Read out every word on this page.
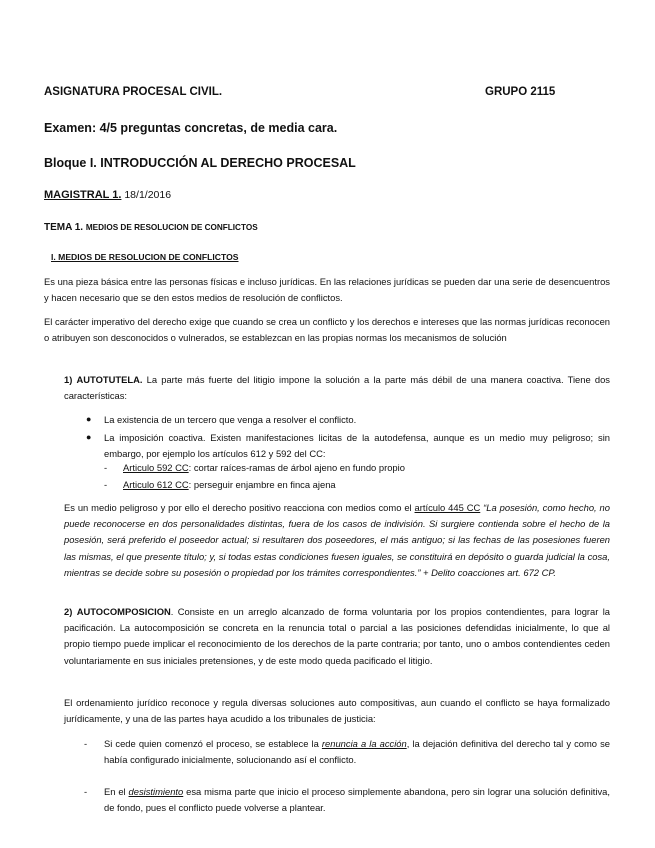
ASIGNATURA PROCESAL CIVIL.	GRUPO 2115
Examen: 4/5 preguntas concretas, de media cara.
Bloque I. INTRODUCCIÓN AL DERECHO PROCESAL
MAGISTRAL 1. 18/1/2016
TEMA 1. MEDIOS DE RESOLUCION DE CONFLICTOS
I. MEDIOS DE RESOLUCION DE CONFLICTOS

Es una pieza básica entre las personas físicas e incluso jurídicas. En las relaciones jurídicas se pueden dar una serie de desencuentros y hacen necesario que se den estos medios de resolución de conflictos.

El carácter imperativo del derecho exige que cuando se crea un conflicto y los derechos e intereses que las normas jurídicas reconocen o atribuyen son desconocidos o vulnerados, se establezcan en las propias normas los mecanismos de solución

1) AUTOTUTELA. La parte más fuerte del litigio impone la solución a la parte más débil de una manera coactiva. Tiene dos características:

● La existencia de un tercero que venga a resolver el conflicto.

● La imposición coactiva. Existen manifestaciones licitas de la autodefensa, aunque es un medio muy peligroso; sin embargo, por ejemplo los artículos 612 y 592 del CC:

- Articulo 592 CC: cortar raíces-ramas de árbol ajeno en fundo propio

- Articulo 612 CC: perseguir enjambre en finca ajena

Es un medio peligroso y por ello el derecho positivo reacciona con medios como el artículo 445 CC “La posesión, como hecho, no puede reconocerse en dos personalidades distintas, fuera de los casos de indivisión. Si surgiere contienda sobre el hecho de la posesión, será preferido el poseedor actual; si resultaren dos poseedores, el más antiguo; si las fechas de las posesiones fueren las mismas, el que presente título; y, si todas estas condiciones fuesen iguales, se constituirá en depósito o guarda judicial la cosa, mientras se decide sobre su posesión o propiedad por los trámites correspondientes.” + Delito coacciones art. 672 CP.

2) AUTOCOMPOSICION. Consiste en un arreglo alcanzado de forma voluntaria por los propios contendientes, para lograr la pacificación. La autocomposición se concreta en la renuncia total o parcial a las posiciones defendidas inicialmente, lo que al propio tiempo puede implicar el reconocimiento de los derechos de la parte contraria; por tanto, uno o ambos contendientes ceden voluntariamente en sus iniciales pretensiones, y de este modo queda pacificado el litigio.

El ordenamiento jurídico reconoce y regula diversas soluciones auto compositivas, aun cuando el conflicto se haya formalizado jurídicamente, y una de las partes haya acudido a los tribunales de justicia:

- Si cede quien comenzó el proceso, se establece la renuncia a la acción, la dejación definitiva del derecho tal y como se había configurado inicialmente, solucionando así el conflicto.

- En el desistimiento esa misma parte que inicio el proceso simplemente abandona, pero sin lograr una solución definitiva, de fondo, pues el conflicto puede volverse a plantear.
